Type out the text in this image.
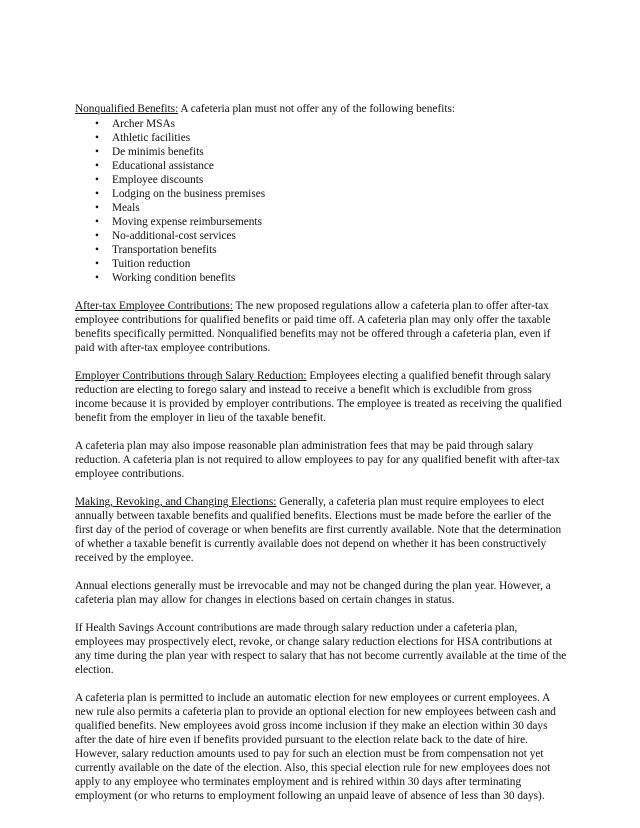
Nonqualified Benefits: A cafeteria plan must not offer any of the following benefits:

• Archer MSAs
• Athletic facilities
• De minimis benefits
• Educational assistance
• Employee discounts
• Lodging on the business premises
• Meals
• Moving expense reimbursements
• No-additional-cost services
• Transportation benefits
• Tuition reduction
• Working condition benefits

After-tax Employee Contributions: The new proposed regulations allow a cafeteria plan to offer after-tax employee contributions for qualified benefits or paid time off. A cafeteria plan may only offer the taxable benefits specifically permitted. Nonqualified benefits may not be offered through a cafeteria plan, even if paid with after-tax employee contributions.

Employer Contributions through Salary Reduction: Employees electing a qualified benefit through salary reduction are electing to forego salary and instead to receive a benefit which is excludible from gross income because it is provided by employer contributions. The employee is treated as receiving the qualified benefit from the employer in lieu of the taxable benefit.

A cafeteria plan may also impose reasonable plan administration fees that may be paid through salary reduction. A cafeteria plan is not required to allow employees to pay for any qualified benefit with after-tax employee contributions.

Making, Revoking, and Changing Elections: Generally, a cafeteria plan must require employees to elect annually between taxable benefits and qualified benefits. Elections must be made before the earlier of the first day of the period of coverage or when benefits are first currently available. Note that the determination of whether a taxable benefit is currently available does not depend on whether it has been constructively received by the employee.

Annual elections generally must be irrevocable and may not be changed during the plan year. However, a cafeteria plan may allow for changes in elections based on certain changes in status.

If Health Savings Account contributions are made through salary reduction under a cafeteria plan, employees may prospectively elect, revoke, or change salary reduction elections for HSA contributions at any time during the plan year with respect to salary that has not become currently available at the time of the election.

A cafeteria plan is permitted to include an automatic election for new employees or current employees. A new rule also permits a cafeteria plan to provide an optional election for new employees between cash and qualified benefits. New employees avoid gross income inclusion if they make an election within 30 days after the date of hire even if benefits provided pursuant to the election relate back to the date of hire. However, salary reduction amounts used to pay for such an election must be from compensation not yet currently available on the date of the election. Also, this special election rule for new employees does not apply to any employee who terminates employment and is rehired within 30 days after terminating employment (or who returns to employment following an unpaid leave of absence of less than 30 days).
